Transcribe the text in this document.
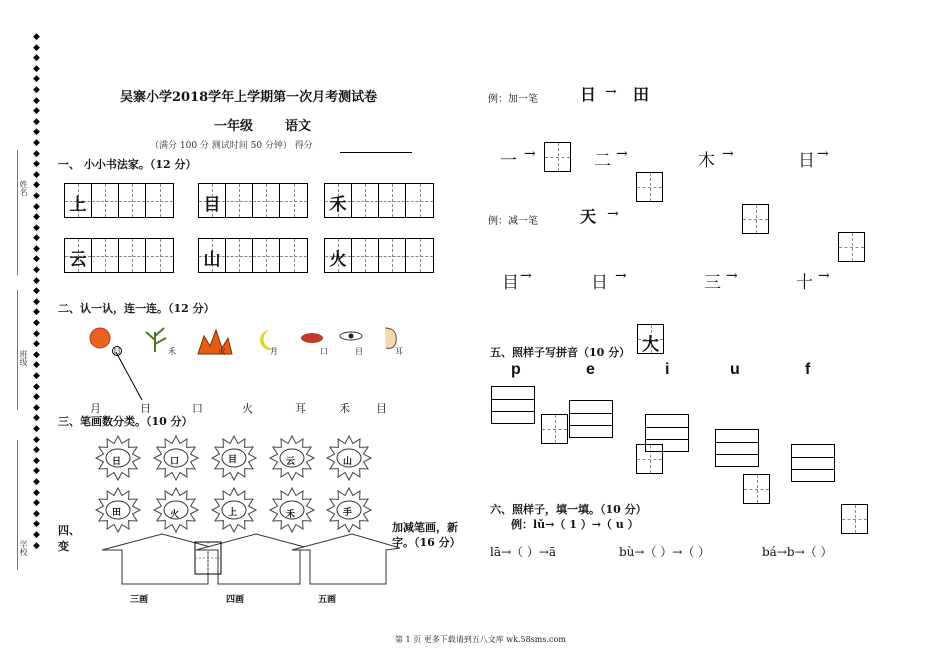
◆
◆
◆
◆
◆
◆
◆
◆
◆
◆
◆
◆
◆
◆
◆
◆
◆
◆
◆
◆
◆
◆
◆
◆
◆
◆
◆
◆
◆
◆
◆
◆
◆
◆
◆
◆
◆
◆
◆
◆
◆
◆
◆
◆
◆
◆
◆
◆
◆
姓名
班级
学校
吴寨小学2018学年上学期第一次月考测试卷
一年级 语文
（满分 100 分 测试时间 50 分钟） 得分
一、 小小书法家。（12 分）
上	目	禾
云	山	火
二、认一认，连一连。（12 分）
日	禾	火	月	口	目	耳
月	日	口	火	耳	禾 目
三、笔画数分类。（10 分）
日	口	目	云	山
田	火	上	禾	手
四、
变
加减笔画，新字。（16 分）
三画	四画	五画
例：加一笔	日 → 田
一 →	二 →	木 →	日 →
例：减一笔	天 →
大
目 →	日 →	三 →	十 →
五、照样子写拼音（10 分）
p	e	i	u	f
六、照样子，填一填。（10 分）
例：lǔ→（ 1 ）→（ u ）
lā→（ ）→ā	bù→（ ）→（ ）	bá→b→（ ）
第 1 页 更多下载请到五八文库 wk.58sms.com
